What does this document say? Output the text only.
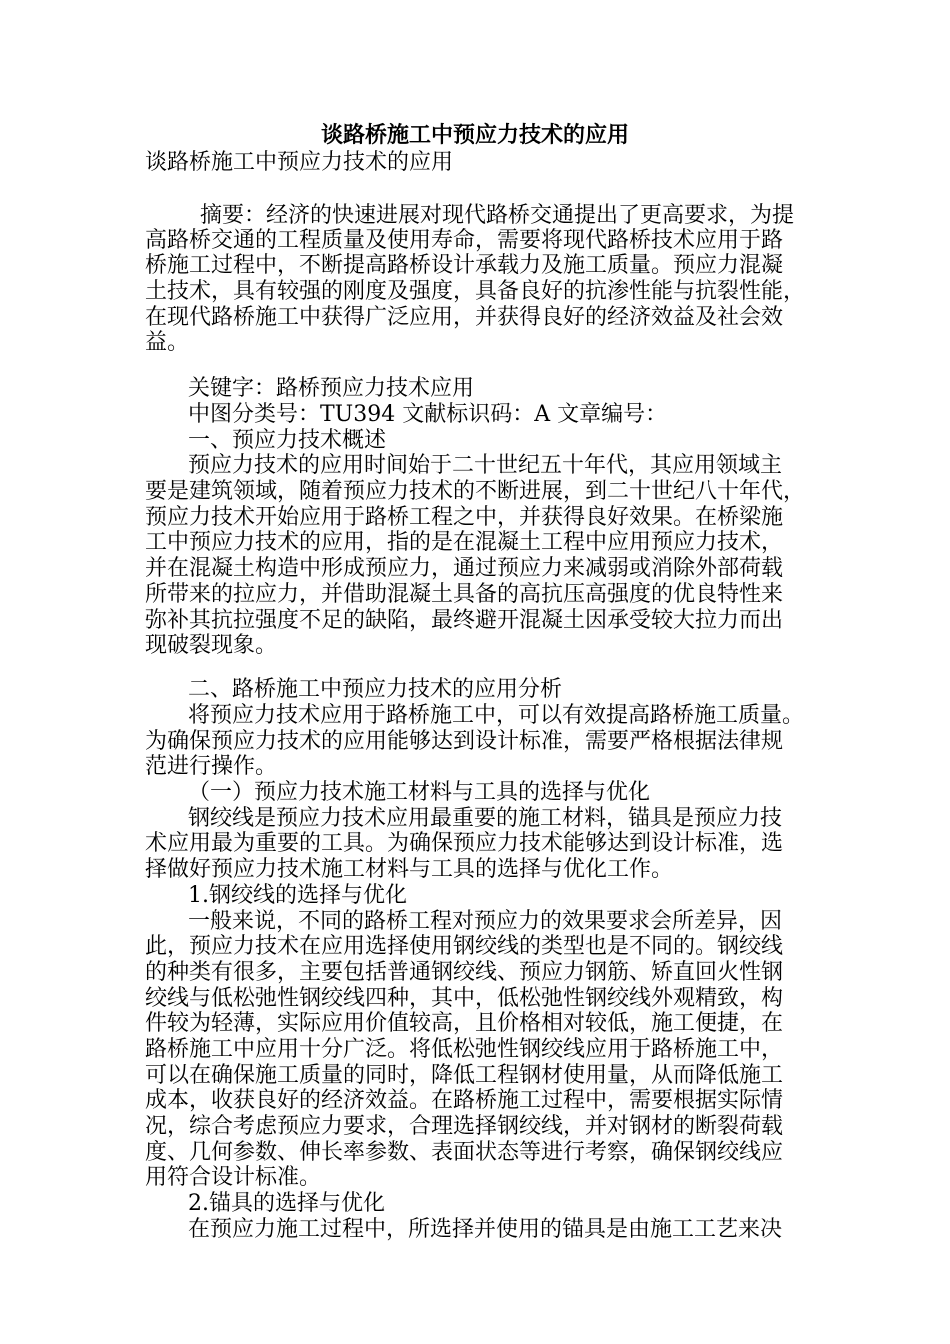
谈路桥施工中预应力技术的应用
谈路桥施工中预应力技术的应用
摘要：经济的快速进展对现代路桥交通提出了更高要求，为提
高路桥交通的工程质量及使用寿命，需要将现代路桥技术应用于路
桥施工过程中，不断提高路桥设计承载力及施工质量。预应力混凝
土技术，具有较强的刚度及强度，具备良好的抗渗性能与抗裂性能，
在现代路桥施工中获得广泛应用，并获得良好的经济效益及社会效
益。
关键字：路桥预应力技术应用
中图分类号：TU394 文献标识码：A 文章编号：
一、预应力技术概述
预应力技术的应用时间始于二十世纪五十年代，其应用领域主
要是建筑领域，随着预应力技术的不断进展，到二十世纪八十年代，
预应力技术开始应用于路桥工程之中，并获得良好效果。在桥梁施
工中预应力技术的应用，指的是在混凝土工程中应用预应力技术，
并在混凝土构造中形成预应力，通过预应力来减弱或消除外部荷载
所带来的拉应力，并借助混凝土具备的高抗压高强度的优良特性来
弥补其抗拉强度不足的缺陷，最终避开混凝土因承受较大拉力而出
现破裂现象。
二、路桥施工中预应力技术的应用分析
将预应力技术应用于路桥施工中，可以有效提高路桥施工质量。
为确保预应力技术的应用能够达到设计标准，需要严格根据法律规
范进行操作。
（一）预应力技术施工材料与工具的选择与优化
钢绞线是预应力技术应用最重要的施工材料，锚具是预应力技
术应用最为重要的工具。为确保预应力技术能够达到设计标准，选
择做好预应力技术施工材料与工具的选择与优化工作。
1.钢绞线的选择与优化
一般来说，不同的路桥工程对预应力的效果要求会所差异，因
此，预应力技术在应用选择使用钢绞线的类型也是不同的。钢绞线
的种类有很多，主要包括普通钢绞线、预应力钢筋、矫直回火性钢
绞线与低松弛性钢绞线四种，其中，低松弛性钢绞线外观精致，构
件较为轻薄，实际应用价值较高，且价格相对较低，施工便捷，在
路桥施工中应用十分广泛。将低松弛性钢绞线应用于路桥施工中，
可以在确保施工质量的同时，降低工程钢材使用量，从而降低施工
成本，收获良好的经济效益。在路桥施工过程中，需要根据实际情
况，综合考虑预应力要求，合理选择钢绞线，并对钢材的断裂荷载
度、几何参数、伸长率参数、表面状态等进行考察，确保钢绞线应
用符合设计标准。
2.锚具的选择与优化
在预应力施工过程中，所选择并使用的锚具是由施工工艺来决
